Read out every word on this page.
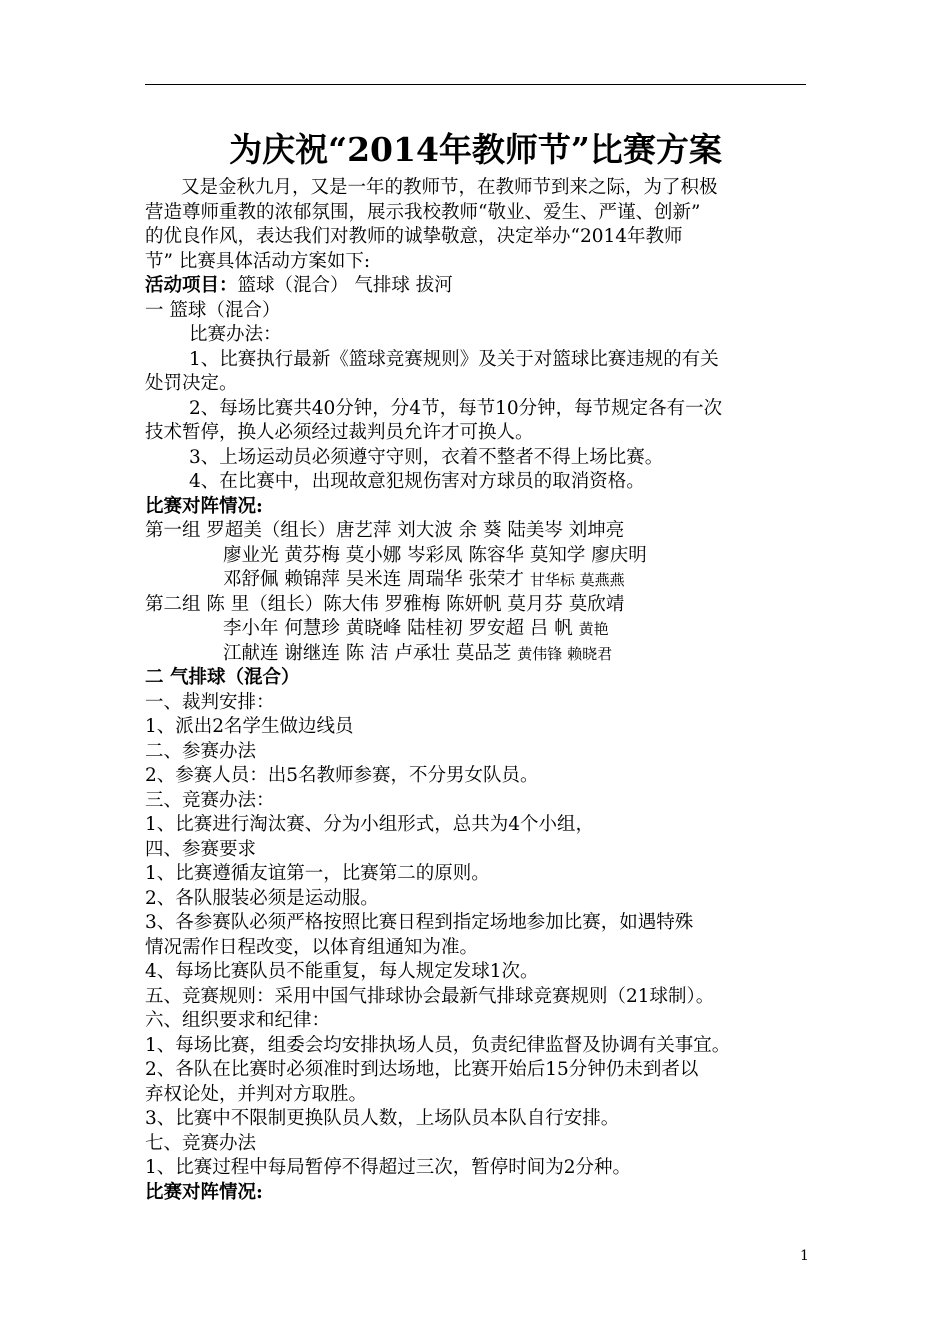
为庆祝“2014年教师节”比赛方案

又是金秋九月，又是一年的教师节，在教师节到来之际，为了积极

营造尊师重教的浓郁氛围，展示我校教师“敬业、爱生、严谨、创新”

的优良作风，表达我们对教师的诚挚敬意，决定举办“2014年教师

节” 比赛具体活动方案如下:

活动项目：篮球（混合） 气排球 拔河

一 篮球（混合）

比赛办法：

1、比赛执行最新《篮球竞赛规则》及关于对篮球比赛违规的有关

处罚决定。

2、每场比赛共40分钟，分4节，每节10分钟，每节规定各有一次

技术暂停，换人必须经过裁判员允许才可换人。

3、上场运动员必须遵守守则，衣着不整者不得上场比赛。

4、在比赛中，出现故意犯规伤害对方球员的取消资格。

比赛对阵情况:

第一组 罗超美（组长）唐艺萍 刘大波 余 葵 陆美岑 刘坤亮

廖业光 黄芬梅 莫小娜 岑彩凤 陈容华 莫知学 廖庆明

邓舒佩 赖锦萍 吴米连 周瑞华 张荣才 甘华标 莫燕燕

第二组 陈 里（组长）陈大伟 罗雅梅 陈妍帆 莫月芬 莫欣靖

李小年 何慧珍 黄晓峰 陆桂初 罗安超 吕 帆 黄艳

江献连 谢继连 陈 洁 卢承壮 莫品芝 黄伟锋 赖晓君

二 气排球（混合）

一、裁判安排：

1、派出2名学生做边线员

二、参赛办法

2、参赛人员：出5名教师参赛，不分男女队员。

三、竞赛办法：

1、比赛进行淘汰赛、分为小组形式，总共为4个小组，

四、参赛要求

1、比赛遵循友谊第一，比赛第二的原则。

2、各队服装必须是运动服。

3、各参赛队必须严格按照比赛日程到指定场地参加比赛，如遇特殊

情况需作日程改变，以体育组通知为准。

4、每场比赛队员不能重复，每人规定发球1次。

五、竞赛规则：采用中国气排球协会最新气排球竞赛规则（21球制）。

六、组织要求和纪律：

1、每场比赛，组委会均安排执场人员，负责纪律监督及协调有关事宜。

2、各队在比赛时必须准时到达场地，比赛开始后15分钟仍未到者以

弃权论处，并判对方取胜。

3、比赛中不限制更换队员人数，上场队员本队自行安排。

七、竞赛办法

1、比赛过程中每局暂停不得超过三次，暂停时间为2分种。

比赛对阵情况:

1
